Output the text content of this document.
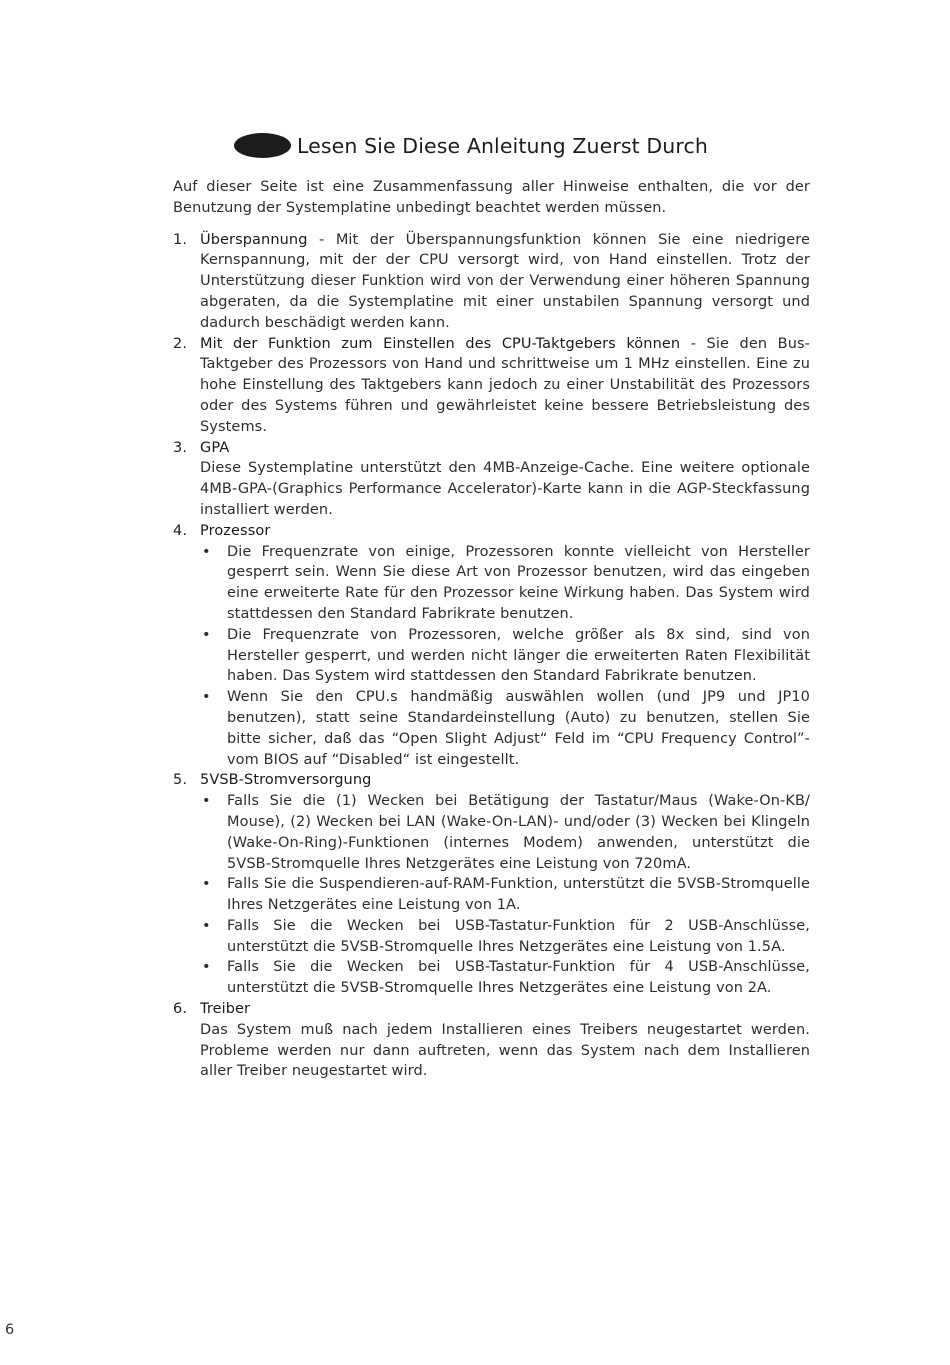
Lesen Sie Diese Anleitung Zuerst Durch

Auf dieser Seite ist eine Zusammenfassung aller Hinweise enthalten, die vor der Benutzung der Systemplatine unbedingt beachtet werden müssen.

1. Überspannung - Mit der Überspannungsfunktion können Sie eine niedrigere Kernspannung, mit der der CPU versorgt wird, von Hand einstellen. Trotz der Unterstützung dieser Funktion wird von der Verwendung einer höheren Spannung abgeraten, da die Systemplatine mit einer unstabilen Spannung versorgt und dadurch beschädigt werden kann.

2. Mit der Funktion zum Einstellen des CPU-Taktgebers können - Sie den Bus-Taktgeber des Prozessors von Hand und schrittweise um 1 MHz einstellen. Eine zu hohe Einstellung des Taktgebers kann jedoch zu einer Unstabilität des Prozessors oder des Systems führen und gewährleistet keine bessere Betriebsleistung des Systems.

3. GPA

Diese Systemplatine unterstützt den 4MB-Anzeige-Cache. Eine weitere optionale 4MB-GPA-(Graphics Performance Accelerator)-Karte kann in die AGP-Steckfassung installiert werden.

4. Prozessor

• Die Frequenzrate von einige, Prozessoren konnte vielleicht von Hersteller gesperrt sein. Wenn Sie diese Art von Prozessor benutzen, wird das eingeben eine erweiterte Rate für den Prozessor keine Wirkung haben. Das System wird stattdessen den Standard Fabrikrate benutzen.

• Die Frequenzrate von Prozessoren, welche größer als 8x sind, sind von Hersteller gesperrt, und werden nicht länger die erweiterten Raten Flexibilität haben. Das System wird stattdessen den Standard Fabrikrate benutzen.

• Wenn Sie den CPU.s handmäßig auswählen wollen (und JP9 und JP10 benutzen), statt seine Standardeinstellung (Auto) zu benutzen, stellen Sie bitte sicher, daß das “Open Slight Adjust“ Feld im “CPU Frequency Control”-vom BIOS auf “Disabled“ ist eingestellt.

5. 5VSB-Stromversorgung

• Falls Sie die (1) Wecken bei Betätigung der Tastatur/Maus (Wake-On-KB/ Mouse), (2) Wecken bei LAN (Wake-On-LAN)- und/oder (3) Wecken bei Klingeln (Wake-On-Ring)-Funktionen (internes Modem) anwenden, unterstützt die 5VSB-Stromquelle Ihres Netzgerätes eine Leistung von 720mA.

• Falls Sie die Suspendieren-auf-RAM-Funktion, unterstützt die 5VSB-Stromquelle Ihres Netzgerätes eine Leistung von 1A.

• Falls Sie die Wecken bei USB-Tastatur-Funktion für 2 USB-Anschlüsse, unterstützt die 5VSB-Stromquelle Ihres Netzgerätes eine Leistung von 1.5A.

• Falls Sie die Wecken bei USB-Tastatur-Funktion für 4 USB-Anschlüsse, unterstützt die 5VSB-Stromquelle Ihres Netzgerätes eine Leistung von 2A.

6. Treiber

Das System muß nach jedem Installieren eines Treibers neugestartet werden. Probleme werden nur dann auftreten, wenn das System nach dem Installieren aller Treiber neugestartet wird.

6
